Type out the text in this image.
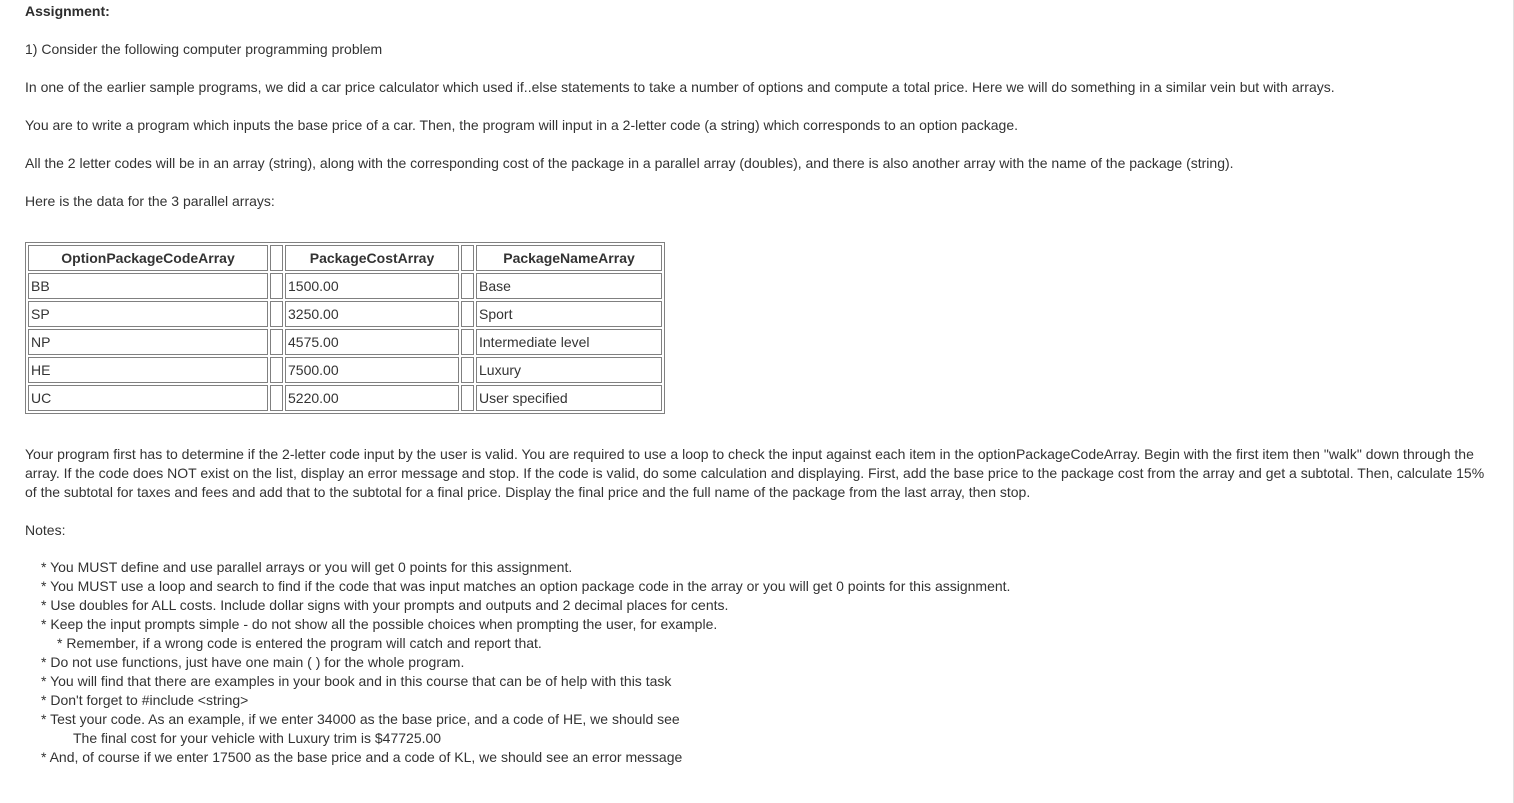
Assignment:
1) Consider the following computer programming problem
In one of the earlier sample programs, we did a car price calculator which used if..else statements to take a number of options and compute a total price. Here we will do something in a similar vein but with arrays.
You are to write a program which inputs the base price of a car. Then, the program will input in a 2-letter code (a string) which corresponds to an option package.
All the 2 letter codes will be in an array (string), along with the corresponding cost of the package in a parallel array (doubles), and there is also another array with the name of the package (string).
Here is the data for the 3 parallel arrays:
OptionPackageCodeArray		PackageCostArray		PackageNameArray
BB		1500.00		Base
SP		3250.00		Sport
NP		4575.00		Intermediate level
HE		7500.00		Luxury
UC		5220.00		User specified
Your program first has to determine if the 2-letter code input by the user is valid. You are required to use a loop to check the input against each item in the optionPackageCodeArray. Begin with the first item then "walk" down through the array. If the code does NOT exist on the list, display an error message and stop. If the code is valid, do some calculation and displaying. First, add the base price to the package cost from the array and get a subtotal. Then, calculate 15% of the subtotal for taxes and fees and add that to the subtotal for a final price. Display the final price and the full name of the package from the last array, then stop.
Notes:
* You MUST define and use parallel arrays or you will get 0 points for this assignment.
* You MUST use a loop and search to find if the code that was input matches an option package code in the array or you will get 0 points for this assignment.
* Use doubles for ALL costs. Include dollar signs with your prompts and outputs and 2 decimal places for cents.
* Keep the input prompts simple - do not show all the possible choices when prompting the user, for example.
* Remember, if a wrong code is entered the program will catch and report that.
* Do not use functions, just have one main ( ) for the whole program.
* You will find that there are examples in your book and in this course that can be of help with this task
* Don't forget to #include <string>
* Test your code. As an example, if we enter 34000 as the base price, and a code of HE, we should see
The final cost for your vehicle with Luxury trim is $47725.00
* And, of course if we enter 17500 as the base price and a code of KL, we should see an error message
